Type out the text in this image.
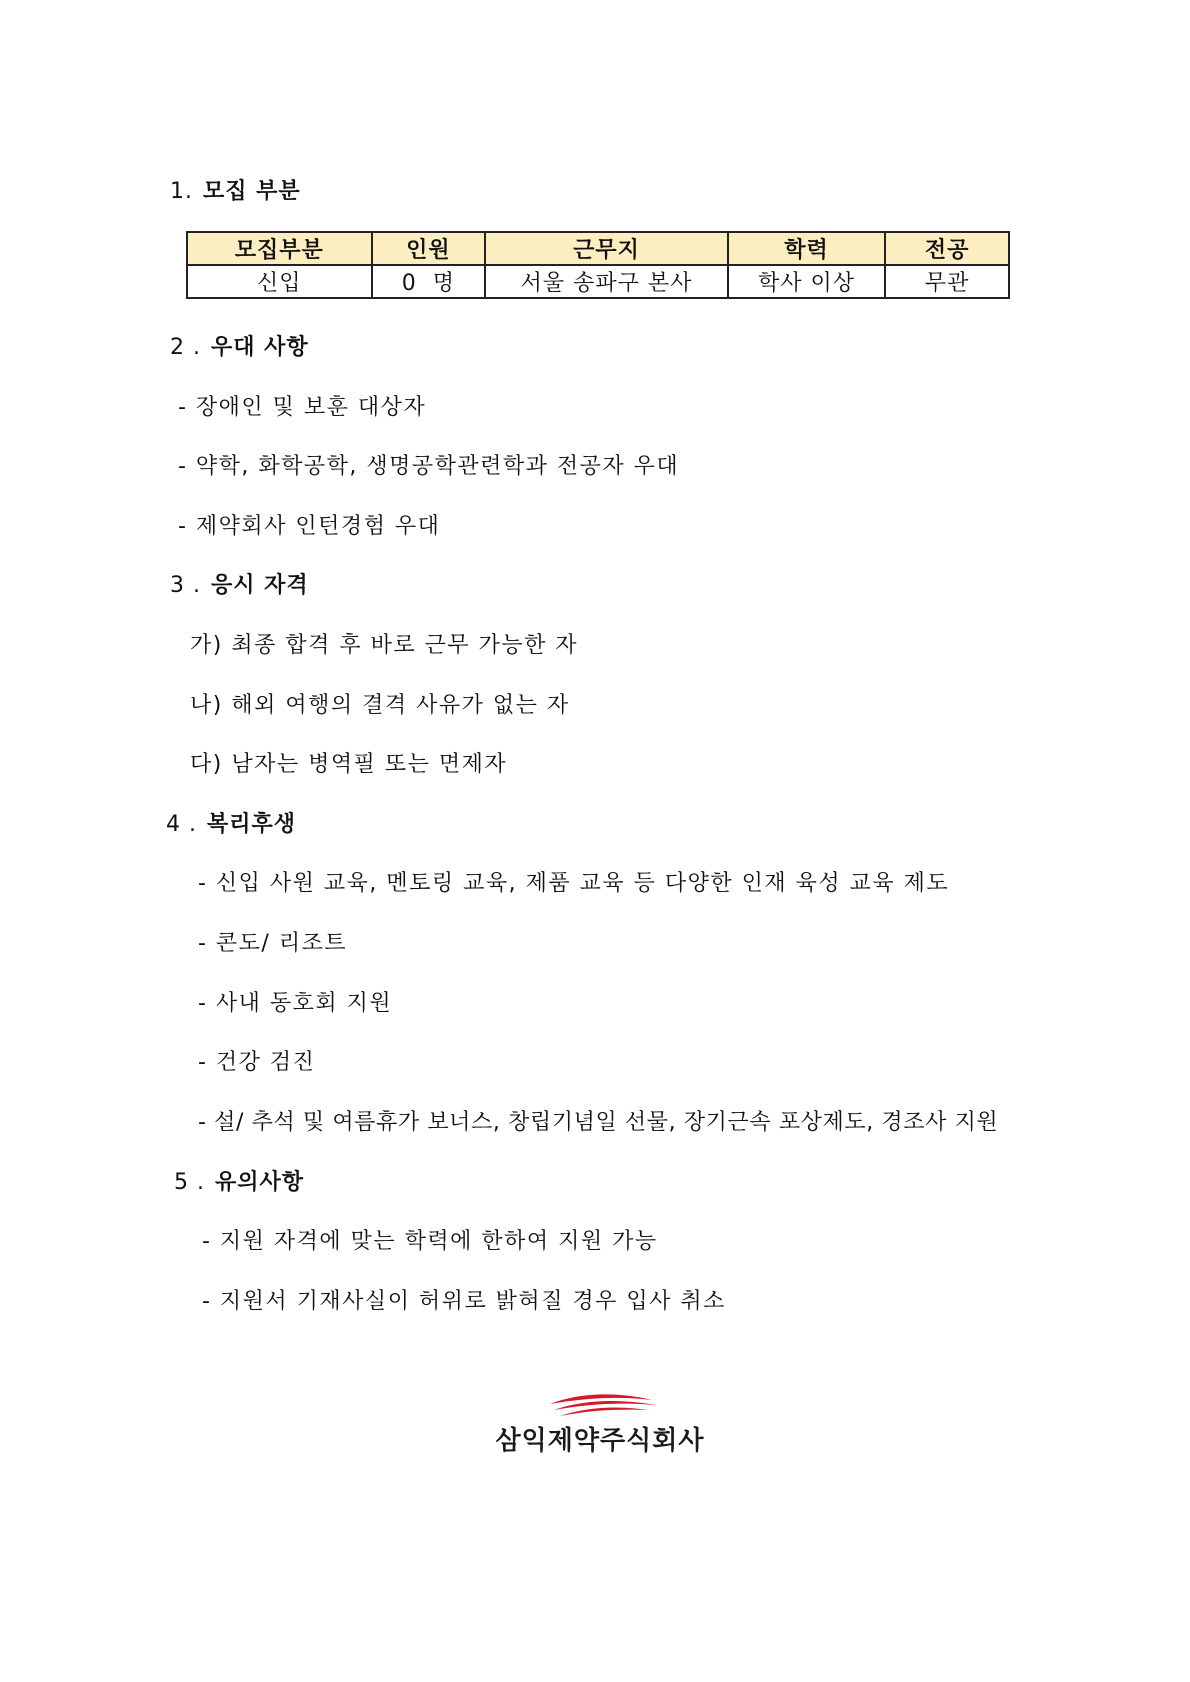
1. 모집 부분
모집부분	인원	근무지	학력	전공
신입	0  명	서울 송파구 본사	학사 이상	무관
2 . 우대 사항
- 장애인 및 보훈 대상자
- 약학, 화학공학, 생명공학관련학과 전공자 우대
- 제약회사 인턴경험 우대
3 . 응시 자격
가) 최종 합격 후 바로 근무 가능한 자
나) 해외 여행의 결격 사유가 없는 자
다) 남자는 병역필 또는 면제자
4 . 복리후생
- 신입 사원 교육, 멘토링 교육, 제품 교육 등 다양한 인재 육성 교육 제도
- 콘도/ 리조트
- 사내 동호회 지원
- 건강 검진
- 설/ 추석 및 여름휴가 보너스, 창립기념일 선물, 장기근속 포상제도, 경조사 지원
5 . 유의사항
- 지원 자격에 맞는 학력에 한하여 지원 가능
- 지원서 기재사실이 허위로 밝혀질 경우 입사 취소
삼익제약주식회사
